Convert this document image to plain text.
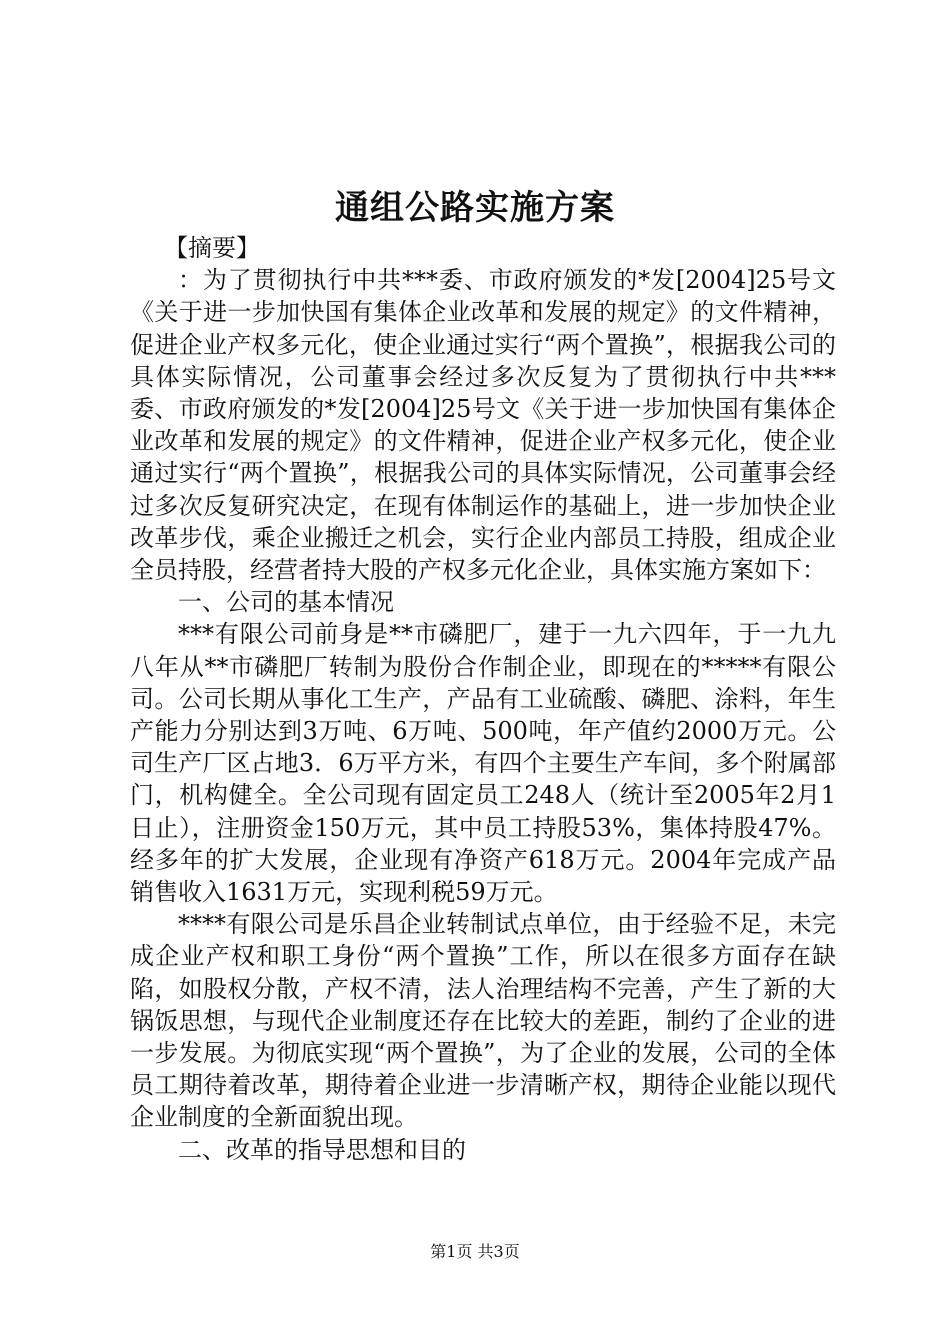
通组公路实施方案

【摘要】

：为了贯彻执行中共***委、市政府颁发的*发[2004]25号文《关于进一步加快国有集体企业改革和发展的规定》的文件精神，促进企业产权多元化，使企业通过实行“两个置换”，根据我公司的具体实际情况，公司董事会经过多次反复为了贯彻执行中共***委、市政府颁发的*发[2004]25号文《关于进一步加快国有集体企业改革和发展的规定》的文件精神，促进企业产权多元化，使企业通过实行“两个置换”，根据我公司的具体实际情况，公司董事会经过多次反复研究决定，在现有体制运作的基础上，进一步加快企业改革步伐，乘企业搬迁之机会，实行企业内部员工持股，组成企业全员持股，经营者持大股的产权多元化企业，具体实施方案如下：

一、公司的基本情况

***有限公司前身是**市磷肥厂，建于一九六四年，于一九九八年从**市磷肥厂转制为股份合作制企业，即现在的*****有限公司。公司长期从事化工生产，产品有工业硫酸、磷肥、涂料，年生产能力分别达到3万吨、6万吨、500吨，年产值约2000万元。公司生产厂区占地3．6万平方米，有四个主要生产车间，多个附属部门，机构健全。全公司现有固定员工248人（统计至2005年2月1日止），注册资金150万元，其中员工持股53%，集体持股47%。经多年的扩大发展，企业现有净资产618万元。2004年完成产品销售收入1631万元，实现利税59万元。

****有限公司是乐昌企业转制试点单位，由于经验不足，未完成企业产权和职工身份“两个置换”工作，所以在很多方面存在缺陷，如股权分散，产权不清，法人治理结构不完善，产生了新的大锅饭思想，与现代企业制度还存在比较大的差距，制约了企业的进一步发展。为彻底实现“两个置换”，为了企业的发展，公司的全体员工期待着改革，期待着企业进一步清晰产权，期待企业能以现代企业制度的全新面貌出现。

二、改革的指导思想和目的

第1页 共3页
